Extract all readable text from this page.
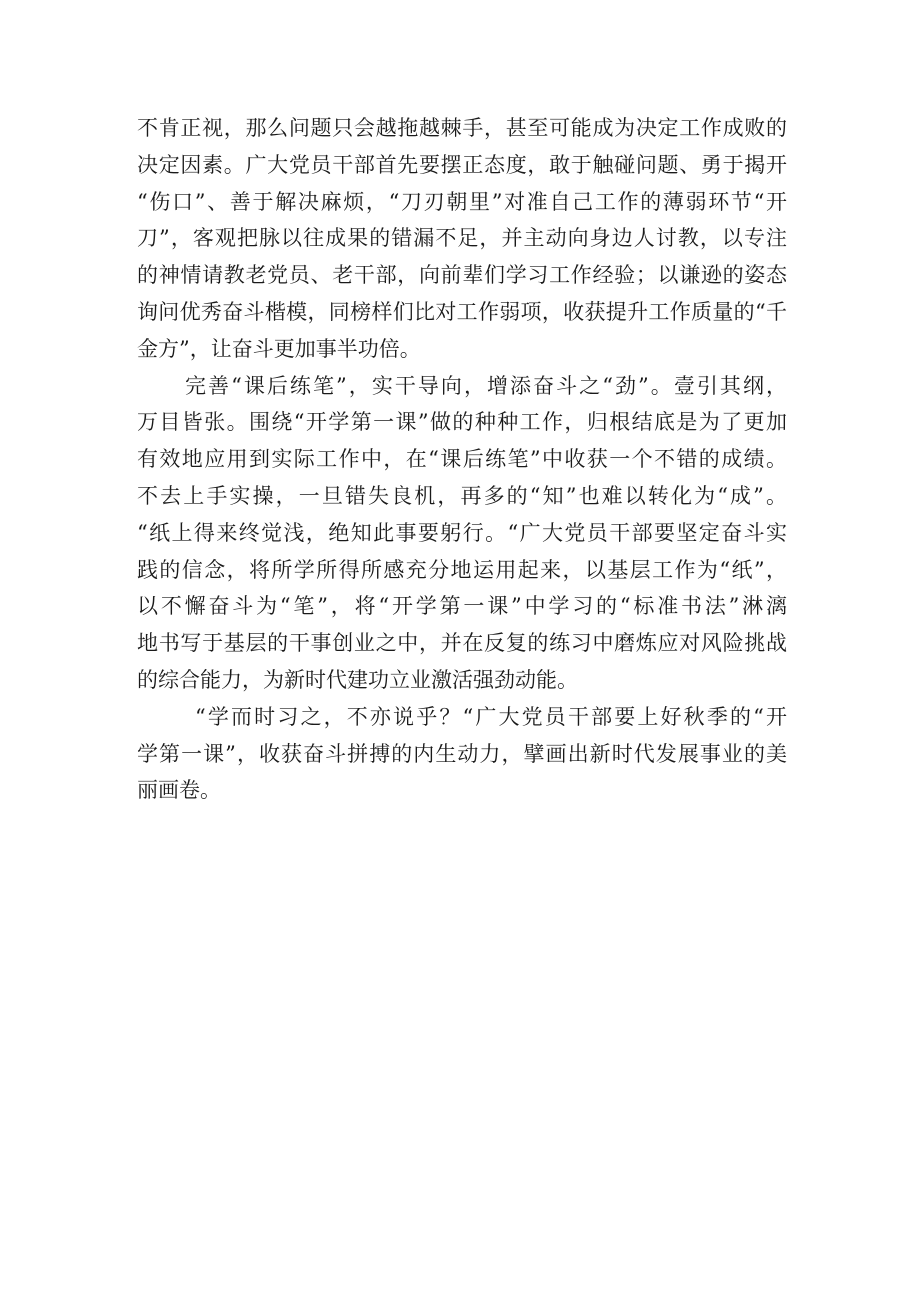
不肯正视，那么问题只会越拖越棘手，甚至可能成为决定工作成败的
决定因素。广大党员干部首先要摆正态度，敢于触碰问题、勇于揭开
“伤口”、善于解决麻烦，“刀刃朝里”对准自己工作的薄弱环节“开
刀”，客观把脉以往成果的错漏不足，并主动向身边人讨教，以专注
的神情请教老党员、老干部，向前辈们学习工作经验；以谦逊的姿态
询问优秀奋斗楷模，同榜样们比对工作弱项，收获提升工作质量的“千
金方”，让奋斗更加事半功倍。
完善“课后练笔”，实干导向，增添奋斗之“劲”。壹引其纲，
万目皆张。围绕“开学第一课”做的种种工作，归根结底是为了更加
有效地应用到实际工作中，在“课后练笔”中收获一个不错的成绩。
不去上手实操，一旦错失良机，再多的“知”也难以转化为“成”。
“纸上得来终觉浅，绝知此事要躬行。“广大党员干部要坚定奋斗实
践的信念，将所学所得所感充分地运用起来，以基层工作为“纸”，
以不懈奋斗为“笔”，将“开学第一课”中学习的“标准书法”淋漓
地书写于基层的干事创业之中，并在反复的练习中磨炼应对风险挑战
的综合能力，为新时代建功立业激活强劲动能。
“学而时习之，不亦说乎？“广大党员干部要上好秋季的“开
学第一课”，收获奋斗拼搏的内生动力，擘画出新时代发展事业的美
丽画卷。
